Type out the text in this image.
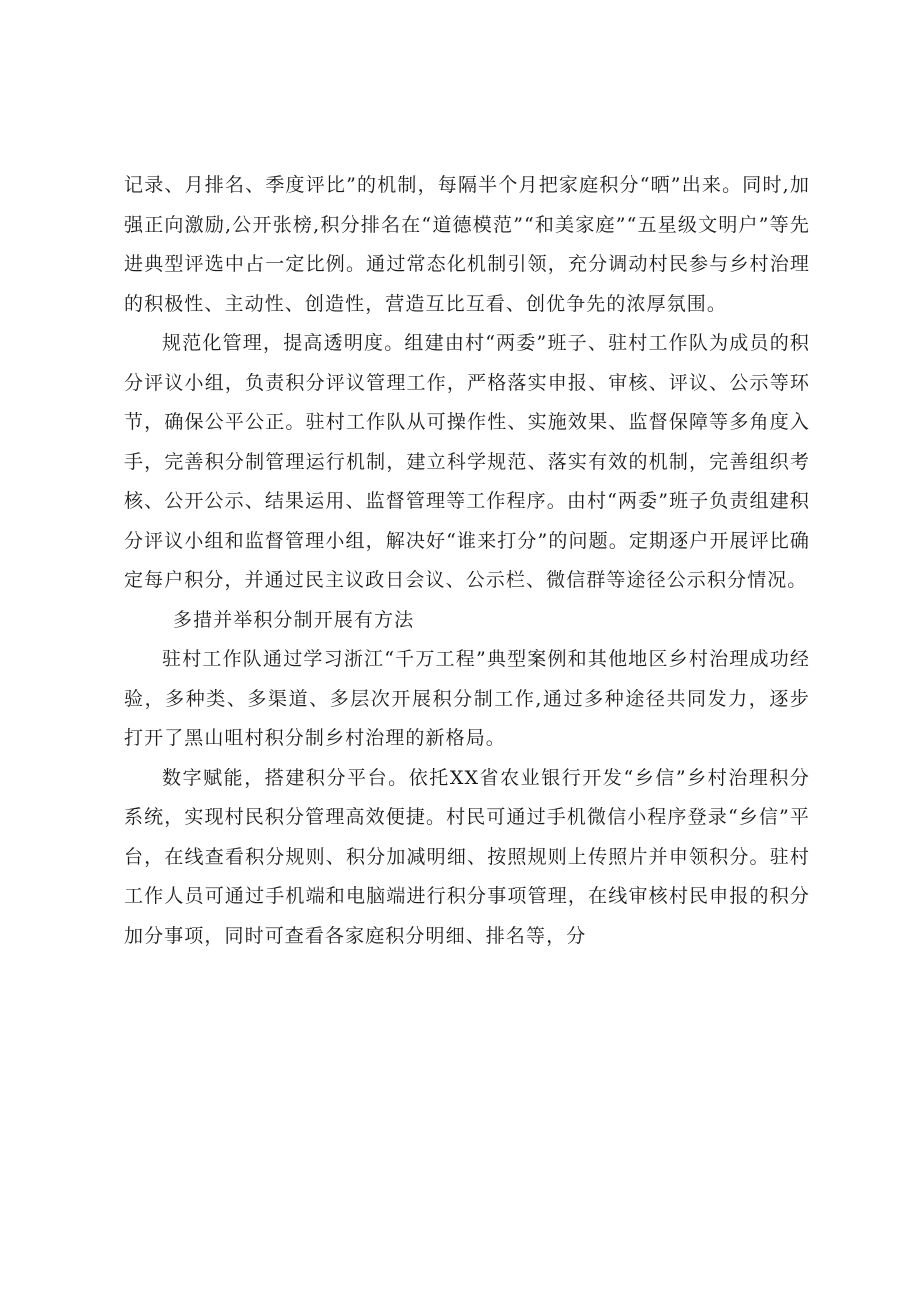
记录、月排名、季度评比”的机制，每隔半个月把家庭积分“晒”出来。同时,加强正向激励,公开张榜,积分排名在“道德模范”“和美家庭”“五星级文明户”等先进典型评选中占一定比例。通过常态化机制引领，充分调动村民参与乡村治理的积极性、主动性、创造性，营造互比互看、创优争先的浓厚氛围。

规范化管理，提高透明度。组建由村“两委”班子、驻村工作队为成员的积分评议小组，负责积分评议管理工作，严格落实申报、审核、评议、公示等环节，确保公平公正。驻村工作队从可操作性、实施效果、监督保障等多角度入手，完善积分制管理运行机制，建立科学规范、落实有效的机制，完善组织考核、公开公示、结果运用、监督管理等工作程序。由村“两委”班子负责组建积分评议小组和监督管理小组，解决好“谁来打分”的问题。定期逐户开展评比确定每户积分，并通过民主议政日会议、公示栏、微信群等途径公示积分情况。

多措并举积分制开展有方法

驻村工作队通过学习浙江“千万工程”典型案例和其他地区乡村治理成功经验，多种类、多渠道、多层次开展积分制工作,通过多种途径共同发力，逐步打开了黑山咀村积分制乡村治理的新格局。

数字赋能，搭建积分平台。依托XX省农业银行开发“乡信”乡村治理积分系统，实现村民积分管理高效便捷。村民可通过手机微信小程序登录“乡信”平台，在线查看积分规则、积分加减明细、按照规则上传照片并申领积分。驻村工作人员可通过手机端和电脑端进行积分事项管理，在线审核村民申报的积分加分事项，同时可查看各家庭积分明细、排名等，分
